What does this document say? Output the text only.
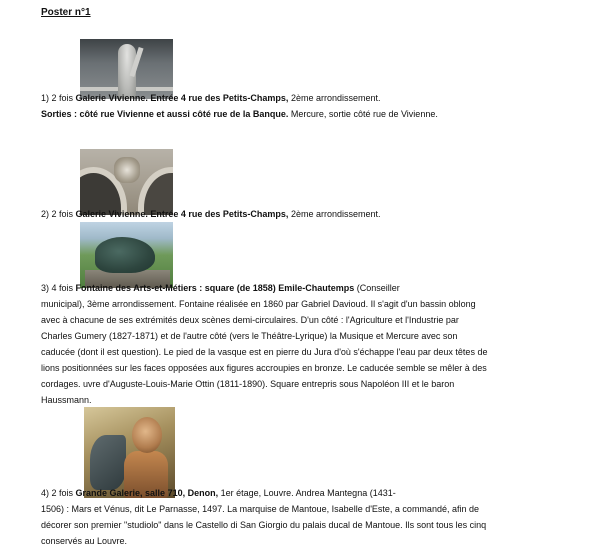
Poster n°1
1) 2 fois Galerie Vivienne. Entrée 4 rue des Petits-Champs, 2ème arrondissement.
Sorties : côté rue Vivienne et aussi côté rue de la Banque. Mercure, sortie côté rue de Vivienne.
2) 2 fois Galerie Vivienne. Entrée 4 rue des Petits-Champs, 2ème arrondissement.
3) 4 fois Fontaine des Arts-et-Métiers : square (de 1858) Emile-Chautemps (Conseiller
municipal), 3ème arrondissement. Fontaine réalisée en 1860 par Gabriel Davioud. Il s'agit d'un bassin oblong
avec à chacune de ses extrémités deux scènes demi-circulaires. D'un côté : l'Agriculture et l'Industrie par
Charles Gumery (1827-1871) et de l'autre côté (vers le Théâtre-Lyrique) la Musique et Mercure avec son
caducée (dont il est question). Le pied de la vasque est en pierre du Jura d'où s'échappe l'eau par deux têtes de
lions positionnées sur les faces opposées aux figures accroupies en bronze. Le caducée semble se mêler à des
cordages. uvre d'Auguste-Louis-Marie Ottin (1811-1890). Square entrepris sous Napoléon III et le baron
Haussmann.
4) 2 fois Grande Galerie, salle 710, Denon, 1er étage, Louvre. Andrea Mantegna (1431-
1506) : Mars et Vénus, dit Le Parnasse, 1497. La marquise de Mantoue, Isabelle d'Este, a commandé, afin de
décorer son premier "studiolo" dans le Castello di San Giorgio du palais ducal de Mantoue. Ils sont tous les cinq
conservés au Louvre.
